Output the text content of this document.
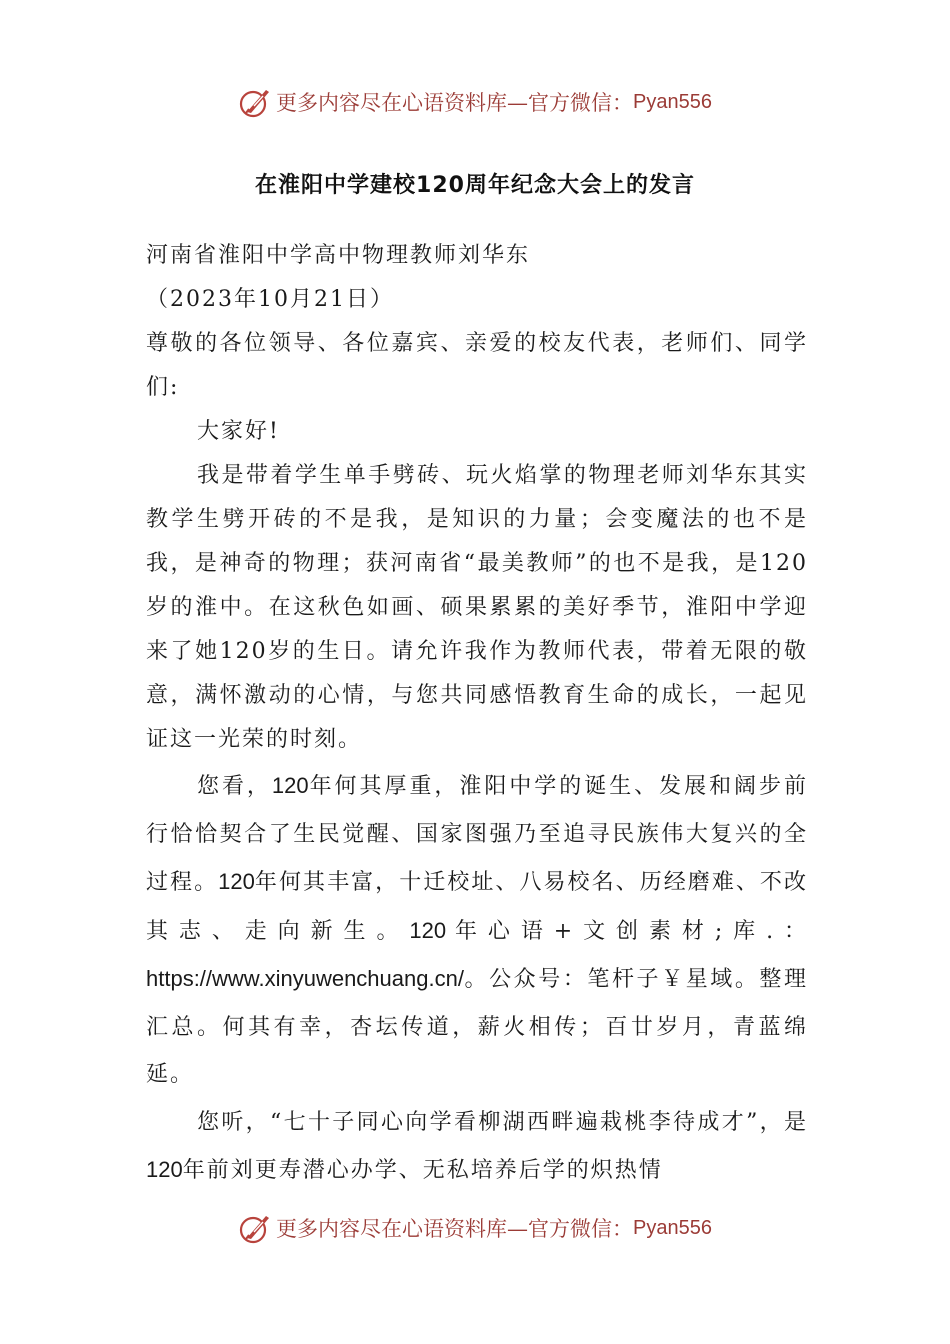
更多内容尽在心语资料库—官方微信： Pyan556
在淮阳中学建校120周年纪念大会上的发言

河南省淮阳中学高中物理教师刘华东

（2023年10月21日）

尊敬的各位领导、各位嘉宾、亲爱的校友代表，老师们、同学们:

大家好!

我是带着学生单手劈砖、玩火焰掌的物理老师刘华东其实教学生劈开砖的不是我，是知识的力量；会变魔法的也不是我，是神奇的物理；获河南省“最美教师”的也不是我，是120岁的淮中。在这秋色如画、硕果累累的美好季节，淮阳中学迎来了她120岁的生日。请允许我作为教师代表，带着无限的敬意，满怀激动的心情，与您共同感悟教育生命的成长，一起见证这一光荣的时刻。

您看，120年何其厚重，淮阳中学的诞生、发展和阔步前行恰恰契合了生民觉醒、国家图强乃至追寻民族伟大复兴的全过程。120年何其丰富，十迁校址、八易校名、历经磨难、不改其志、走向新生。120年心语+文创素材;库.：https://www.xinyuwenchuang.cn/。公众号：笔杆子￥星域。整理汇总。何其有幸，杏坛传道，薪火相传；百廿岁月，青蓝绵延。

您听，“七十子同心向学看柳湖西畔遍栽桃李待成才”，是120年前刘更寿潜心办学、无私培养后学的炽热情

更多内容尽在心语资料库—官方微信： Pyan556
